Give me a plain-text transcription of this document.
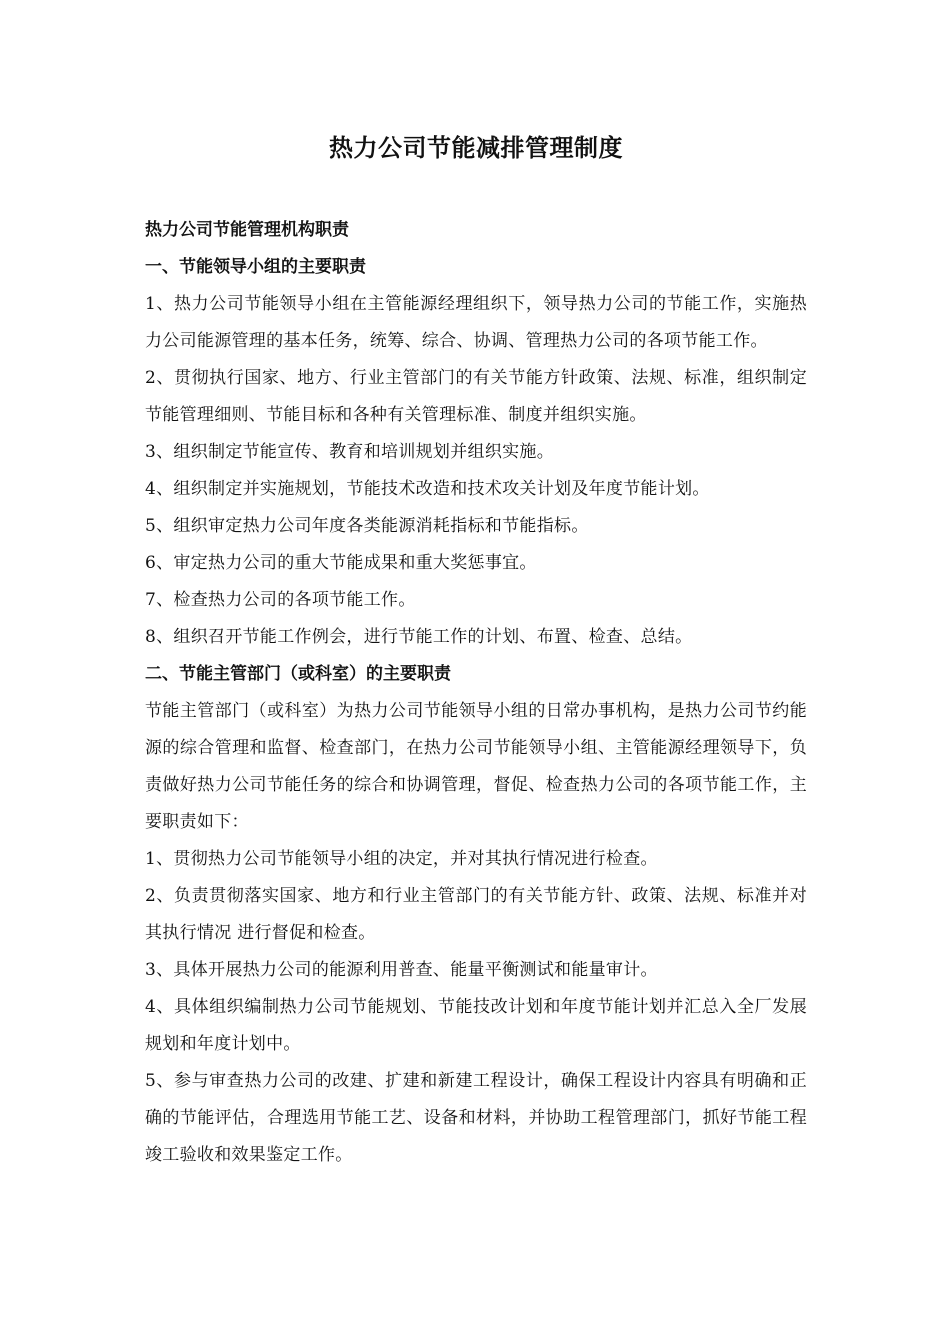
热力公司节能减排管理制度

热力公司节能管理机构职责

一、节能领导小组的主要职责

1、热力公司节能领导小组在主管能源经理组织下，领导热力公司的节能工作，实施热力公司能源管理的基本任务，统筹、综合、协调、管理热力公司的各项节能工作。

2、贯彻执行国家、地方、行业主管部门的有关节能方针政策、法规、标准，组织制定节能管理细则、节能目标和各种有关管理标准、制度并组织实施。

3、组织制定节能宣传、教育和培训规划并组织实施。

4、组织制定并实施规划，节能技术改造和技术攻关计划及年度节能计划。

5、组织审定热力公司年度各类能源消耗指标和节能指标。

6、审定热力公司的重大节能成果和重大奖惩事宜。

7、检查热力公司的各项节能工作。

8、组织召开节能工作例会，进行节能工作的计划、布置、检查、总结。

二、节能主管部门（或科室）的主要职责

节能主管部门（或科室）为热力公司节能领导小组的日常办事机构，是热力公司节约能源的综合管理和监督、检查部门，在热力公司节能领导小组、主管能源经理领导下，负责做好热力公司节能任务的综合和协调管理，督促、检查热力公司的各项节能工作，主要职责如下：

1、贯彻热力公司节能领导小组的决定，并对其执行情况进行检查。

2、负责贯彻落实国家、地方和行业主管部门的有关节能方针、政策、法规、标准并对其执行情况 进行督促和检查。

3、具体开展热力公司的能源利用普查、能量平衡测试和能量审计。

4、具体组织编制热力公司节能规划、节能技改计划和年度节能计划并汇总入全厂发展规划和年度计划中。

5、参与审查热力公司的改建、扩建和新建工程设计，确保工程设计内容具有明确和正确的节能评估，合理选用节能工艺、设备和材料，并协助工程管理部门，抓好节能工程竣工验收和效果鉴定工作。
